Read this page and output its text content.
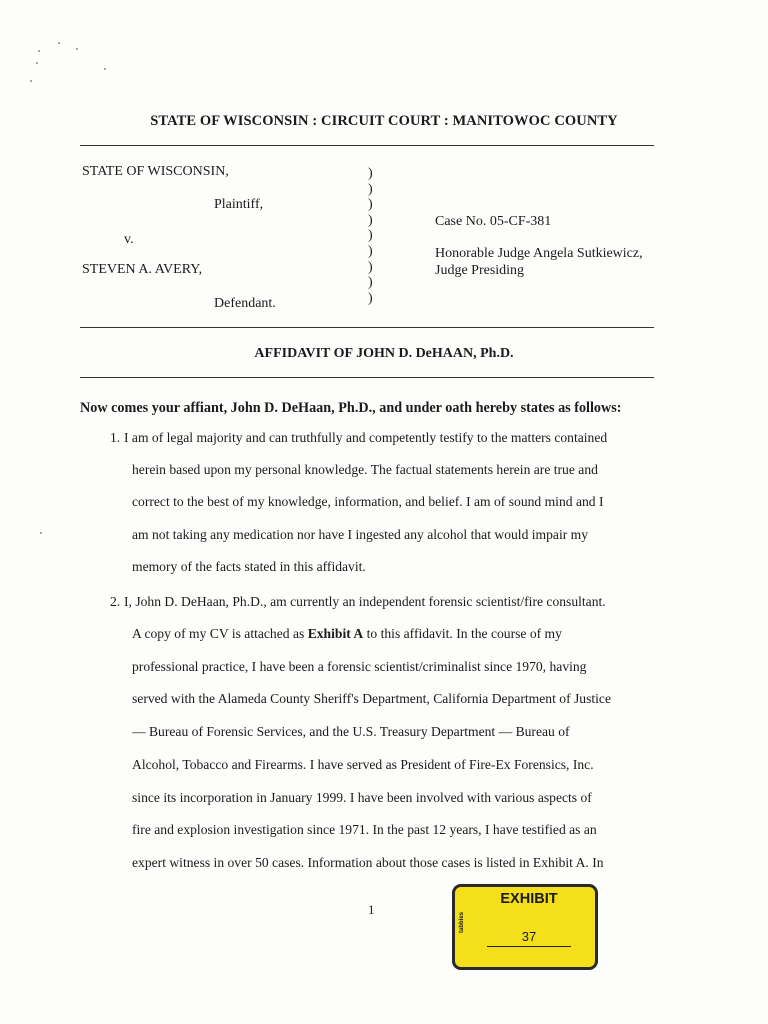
STATE OF WISCONSIN : CIRCUIT COURT : MANITOWOC COUNTY
STATE OF WISCONSIN,
Plaintiff,
v.
STEVEN A. AVERY,
Defendant.
)
)
)
)
)
)
)
)
)
Case No. 05-CF-381
Honorable Judge Angela Sutkiewicz,
Judge Presiding
AFFIDAVIT OF JOHN D. DeHAAN, Ph.D.
Now comes your affiant, John D. DeHaan, Ph.D., and under oath hereby states as follows:
1. I am of legal majority and can truthfully and competently testify to the matters contained
herein based upon my personal knowledge. The factual statements herein are true and
correct to the best of my knowledge, information, and belief. I am of sound mind and I
am not taking any medication nor have I ingested any alcohol that would impair my
memory of the facts stated in this affidavit.
2. I, John D. DeHaan, Ph.D., am currently an independent forensic scientist/fire consultant.
A copy of my CV is attached as Exhibit A to this affidavit. In the course of my
professional practice, I have been a forensic scientist/criminalist since 1970, having
served with the Alameda County Sheriff's Department, California Department of Justice
— Bureau of Forensic Services, and the U.S. Treasury Department — Bureau of
Alcohol, Tobacco and Firearms. I have served as President of Fire-Ex Forensics, Inc.
since its incorporation in January 1999. I have been involved with various aspects of
fire and explosion investigation since 1971. In the past 12 years, I have testified as an
expert witness in over 50 cases. Information about those cases is listed in Exhibit A. In
1
EXHIBIT
tabbies
37
